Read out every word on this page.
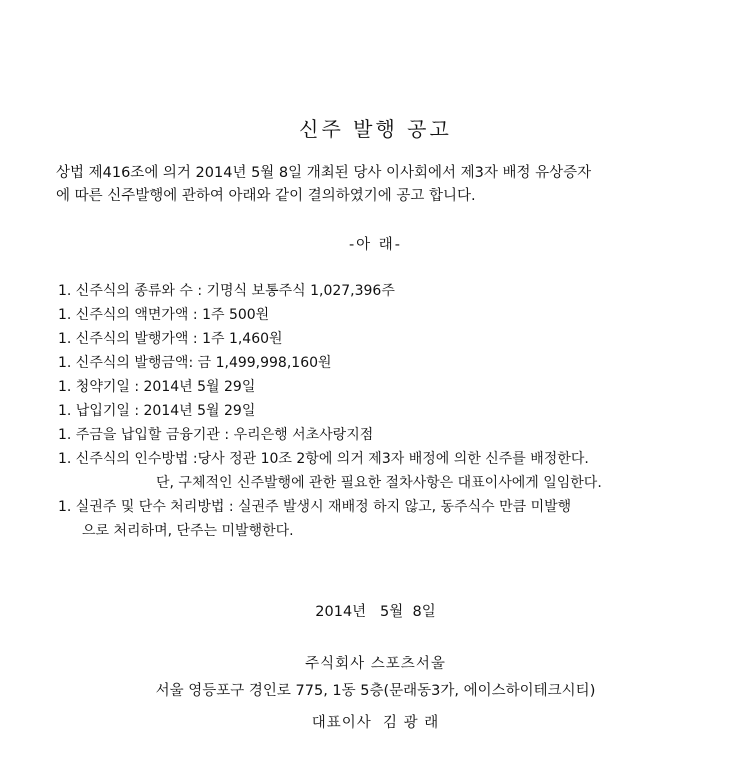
신주 발행 공고
상법 제416조에 의거 2014년 5월 8일 개최된 당사 이사회에서 제3자 배정 유상증자
에 따른 신주발행에 관하여 아래와 같이 결의하였기에 공고 합니다.
-아 래-
1. 신주식의 종류와 수 : 기명식 보통주식 1,027,396주
1. 신주식의 액면가액 : 1주 500원
1. 신주식의 발행가액 : 1주 1,460원
1. 신주식의 발행금액: 금 1,499,998,160원
1. 청약기일 : 2014년 5월 29일
1. 납입기일 : 2014년 5월 29일
1. 주금을 납입할 금융기관 : 우리은행 서초사랑지점
1. 신주식의 인수방법 :당사 정관 10조 2항에 의거 제3자 배정에 의한 신주를 배정한다.
단, 구체적인 신주발행에 관한 필요한 절차사항은 대표이사에게 일임한다.
1. 실권주 및 단수 처리방법 : 실권주 발생시 재배정 하지 않고, 동주식수 만큼 미발행
으로 처리하며, 단주는 미발행한다.
2014년   5월  8일
주식회사 스포츠서울
서울 영등포구 경인로 775, 1동 5층(문래동3가, 에이스하이테크시티)
대표이사  김 광 래
